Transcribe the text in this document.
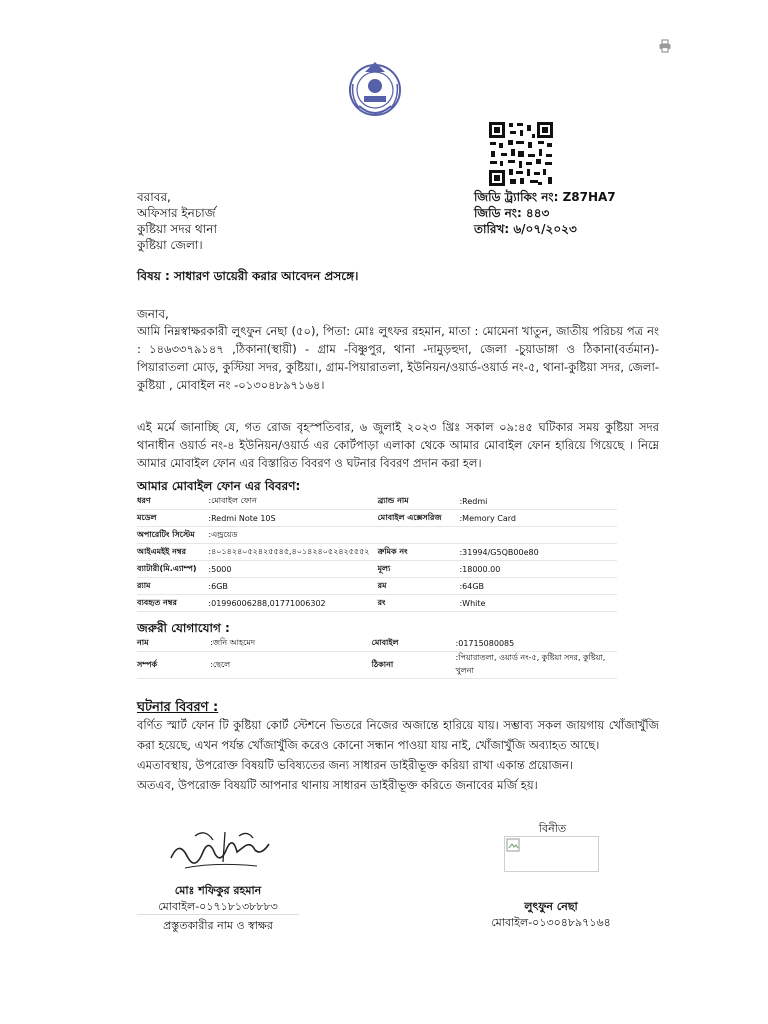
জিডি ট্র্যাকিং নং: Z87HA7
জিডি নং: ৪৪৩
তারিখ: ৬/০৭/২০২৩
বরাবর,
অফিসার ইনচার্জ
কুষ্টিয়া সদর থানা
কুষ্টিয়া জেলা।
বিষয় : সাধারণ ডায়েরী করার আবেদন প্রসঙ্গে।
জনাব,
আমি নিম্নস্বাক্ষরকারী লুৎফুন নেছা (৫০), পিতা: মোঃ লুৎফর রহমান, মাতা : মোমেনা খাতুন, জাতীয় পরিচয় পত্র নং : ১৪৬৩৩৭৯১৪৭ ,ঠিকানা(স্থায়ী) - গ্রাম -বিষ্ণুপুর, থানা -দামুড়হুদা, জেলা -চুয়াডাঙ্গা ও ঠিকানা(বর্তমান)- পিয়ারাতলা মোড়, কুস্টিয়া সদর, কুষ্টিয়া।, গ্রাম-পিয়ারাতলা, ইউনিয়ন/ওয়ার্ড-ওয়ার্ড নং-৫, থানা-কুষ্টিয়া সদর, জেলা-কুষ্টিয়া , মোবাইল নং -০১৩০৪৮৯৭১৬৪।
এই মর্মে জানাচ্ছি যে, গত রোজ বৃহস্পতিবার, ৬ জুলাই ২০২৩ খ্রিঃ সকাল ০৯:৪৫ ঘটিকার সময় কুষ্টিয়া সদর থানাধীন ওয়ার্ড নং-৪ ইউনিয়ন/ওয়ার্ড এর কোর্টপাড়া এলাকা থেকে আমার মোবাইল ফোন হারিয়ে গিয়েছে । নিম্নে আমার মোবাইল ফোন এর বিস্তারিত বিবরণ ও ঘটনার বিবরণ প্রদান করা হল।
আমার মোবাইল ফোন এর বিবরণ:
ধরণ	:মোবাইল ফোন	ব্র্যান্ড নাম	:Redmi
মডেল	:Redmi Note 10S	মোবাইল এক্সেসরিজ	:Memory Card
অপারেটিং সিস্টেম	:এন্ড্রয়েড		
আইএমইই নম্বর	:৪০১৪২৪০৫২৪২৫৫৪৫,৪০১৪২৪০৫২৪২৫৫৫২	ক্রমিক নং	:31994/G5QB00e80
ব্যাটারী(মি.এ্যাম্প)	:5000	মূল্য	:18000.00
র‍্যাম	:6GB	রম	:64GB
ব্যবহৃত নম্বর	:01996006288,01771006302	রং	:White
জরুরী যোগাযোগ :
নাম	:জনি আহমেদ	মোবাইল	:01715080085
সম্পর্ক	:ছেলে	ঠিকানা	:পিয়ারাতলা, ওয়ার্ড নং-৫, কুষ্টিয়া সদর, কুষ্টিয়া, খুলনা
ঘটনার বিবরণ :
বর্ণিত স্মার্ট ফোন টি কুষ্টিয়া কোর্ট স্টেশনে ভিতরে নিজের অজান্তে হারিয়ে যায়। সম্ভাব্য সকল জায়গায় খোঁজাখুঁজি করা হয়েছে, এখন পর্যন্ত খোঁজাখুঁজি করেও কোনো সন্ধান পাওয়া যায় নাই, খোঁজাখুঁজি অব্যাহত আছে।
এমতাবস্থায়, উপরোক্ত বিষয়টি ভবিষ্যতের জন্য সাধারন ডাইরীভূক্ত করিয়া রাখা একান্ত প্রয়োজন।
অতএব, উপরোক্ত বিষয়টি আপনার থানায় সাধারন ডাইরীভূক্ত করিতে জনাবের মর্জি হয়।
মোঃ শফিকুর রহমান
মোবাইল-০১৭১৮১৩৮৮৮৩
প্রস্তুতকারীর নাম ও স্বাক্ষর
বিনীত
লুৎফুন নেছা
মোবাইল-০১৩০৪৮৯৭১৬৪
